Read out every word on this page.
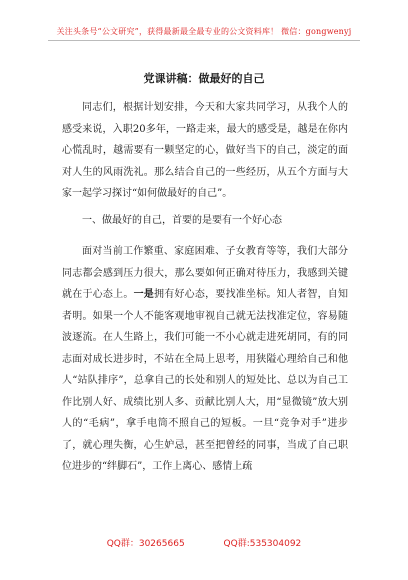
关注头条号“公文研究”，获得最新最全最专业的公文资料库！ 微信：gongwenyj
党课讲稿：做最好的自己

同志们，根据计划安排，今天和大家共同学习，从我个人的感受来说，入职20多年，一路走来，最大的感受是，越是在你内心慌乱时，越需要有一颗坚定的心，做好当下的自己，淡定的面对人生的风雨洗礼。那么结合自己的一些经历，从五个方面与大家一起学习探讨“如何做最好的自己”。

一、做最好的自己，首要的是要有一个好心态

面对当前工作繁重、家庭困难、子女教育等等，我们大部分同志都会感到压力很大，那么要如何正确对待压力，我感到关键就在于心态上。一是拥有好心态，要找准坐标。知人者智，自知者明。如果一个人不能客观地审视自己就无法找准定位，容易随波逐流。在人生路上，我们可能一不小心就走进死胡同，有的同志面对成长进步时，不站在全局上思考，用狭隘心理给自己和他人“站队排序”，总拿自己的长处和别人的短处比、总以为自己工作比别人好、成绩比别人多、贡献比别人大，用“显微镜”放大别人的“毛病”，拿手电筒不照自己的短板。一旦“竞争对手”进步了，就心理失衡，心生妒忌，甚至把曾经的同事，当成了自己职位进步的“绊脚石”，工作上离心、感情上疏

QQ群：30265665	QQ群:535304092
